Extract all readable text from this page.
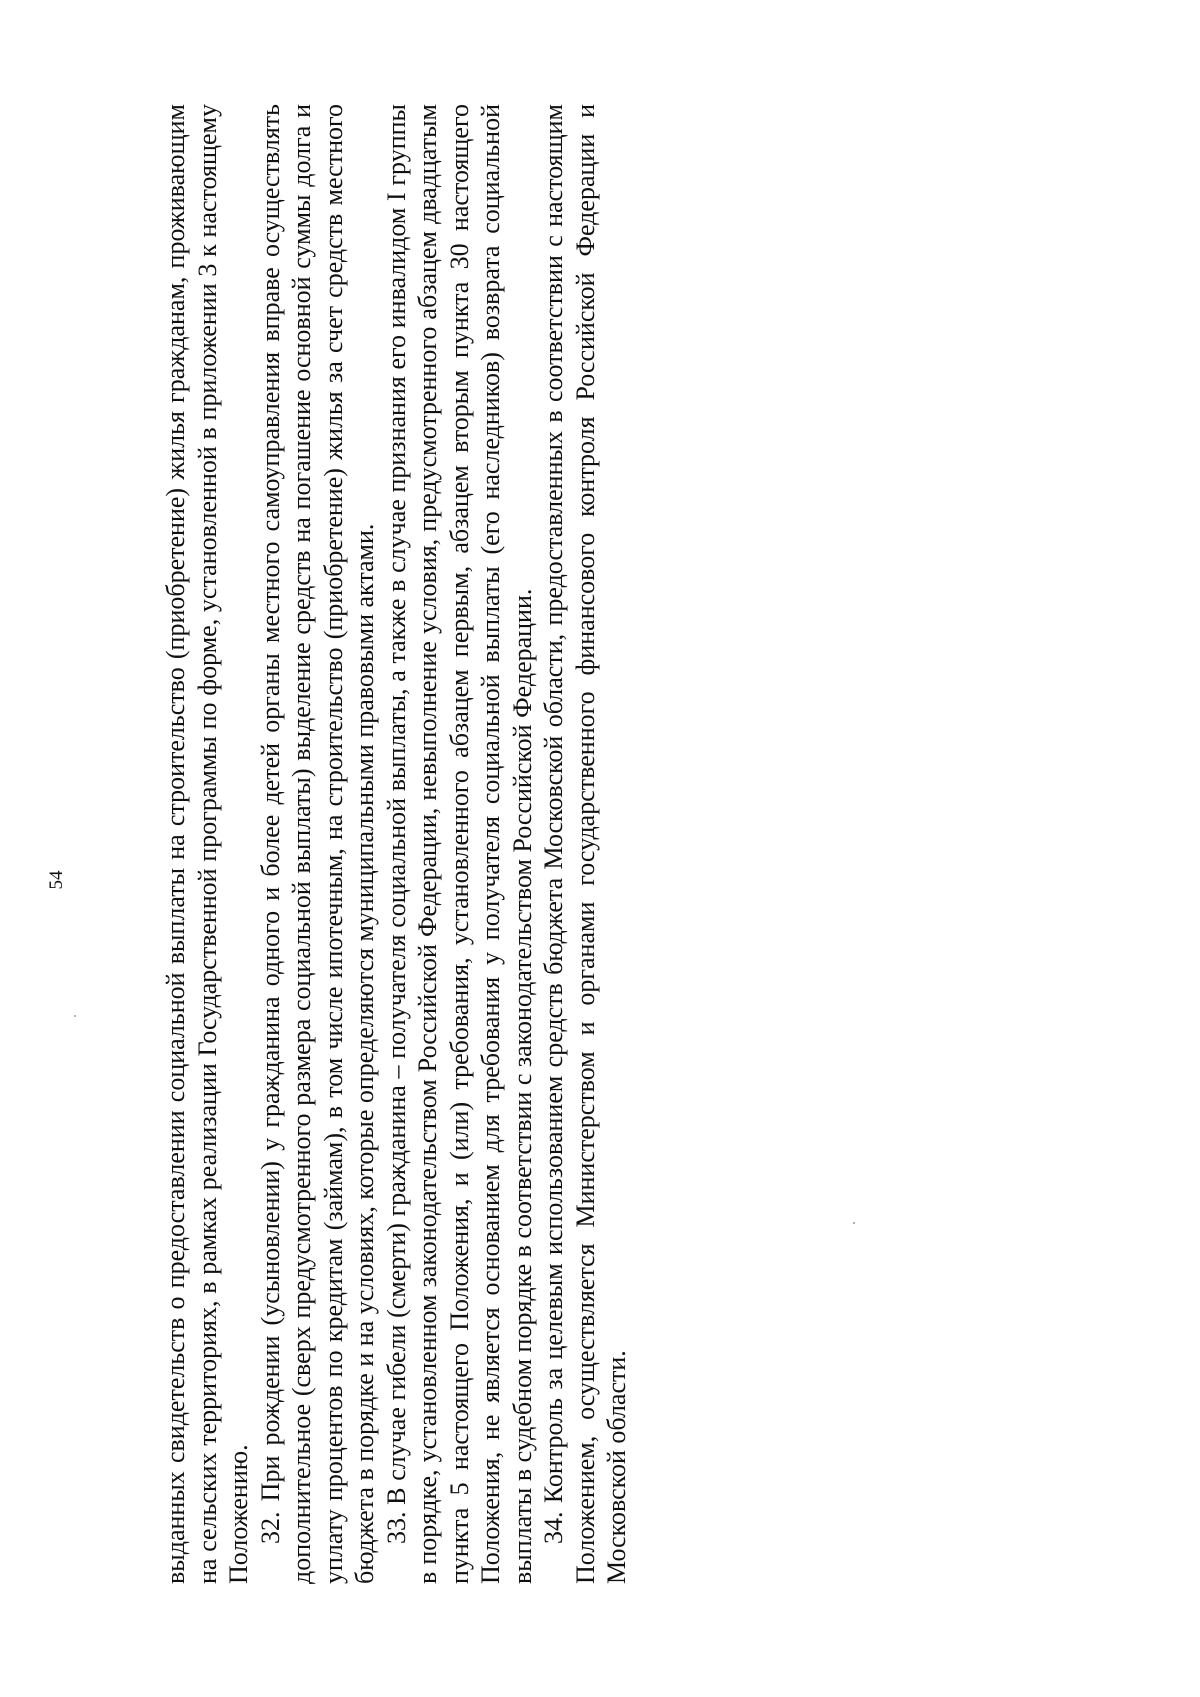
54	выданных свидетельств о предоставлении социальной выплаты на строительство (приобретение) жилья гражданам, проживающим на сельских территориях, в рамках реализации Государственной программы по форме, установленной в приложении 3 к настоящему Положению. 32. При рождении (усыновлении) у гражданина одного и более детей органы местного самоуправления вправе осуществлять дополнительное (сверх предусмотренного размера социальной выплаты) выделение средств на погашение основной суммы долга и уплату процентов по кредитам (займам), в том числе ипотечным, на строительство (приобретение) жилья за счет средств местного бюджета в порядке и на условиях, которые определяются муниципальными правовыми актами. 33. В случае гибели (смерти) гражданина – получателя социальной выплаты, а также в случае признания его инвалидом I группы в порядке, установленном законодательством Российской Федерации, невыполнение условия, предусмотренного абзацем двадцатым пункта 5 настоящего Положения, и (или) требования, установленного абзацем первым, абзацем вторым пункта 30 настоящего Положения, не является основанием для требования у получателя социальной выплаты (его наследников) возврата социальной выплаты в судебном порядке в соответствии с законодательством Российской Федерации. 34. Контроль за целевым использованием средств бюджета Московской области, предоставленных в соответствии с настоящим Положением, осуществляется Министерством и органами государственного финансового контроля Российской Федерации и Московской области.
